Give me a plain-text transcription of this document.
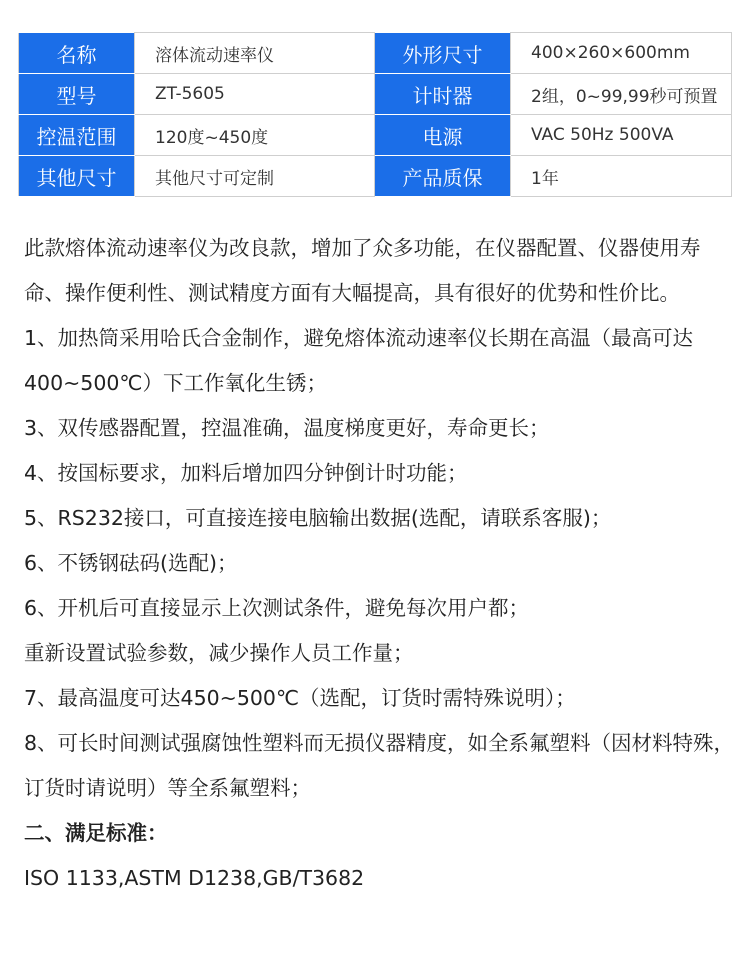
名称	溶体流动速率仪	外形尺寸	400×260×600mm
型号	ZT-5605	计时器	2组，0~99,99秒可预置
控温范围	120度~450度	电源	VAC 50Hz 500VA
其他尺寸	其他尺寸可定制	产品质保	1年

此款熔体流动速率仪为改良款，增加了众多功能，在仪器配置、仪器使用寿命、操作便利性、测试精度方面有大幅提高，具有很好的优势和性价比。

1、加热筒采用哈氏合金制作，避免熔体流动速率仪长期在高温（最高可达400~500℃）下工作氧化生锈；

3、双传感器配置，控温准确，温度梯度更好，寿命更长；

4、按国标要求，加料后增加四分钟倒计时功能；

5、RS232接口，可直接连接电脑输出数据(选配，请联系客服)；

6、不锈钢砝码(选配)；

6、开机后可直接显示上次测试条件，避免每次用户都；

重新设置试验参数，减少操作人员工作量；

7、最高温度可达450~500℃（选配，订货时需特殊说明）；

8、可长时间测试强腐蚀性塑料而无损仪器精度，如全系氟塑料（因材料特殊，订货时请说明）等全系氟塑料；

二、满足标准：

ISO 1133,ASTM D1238,GB/T3682
